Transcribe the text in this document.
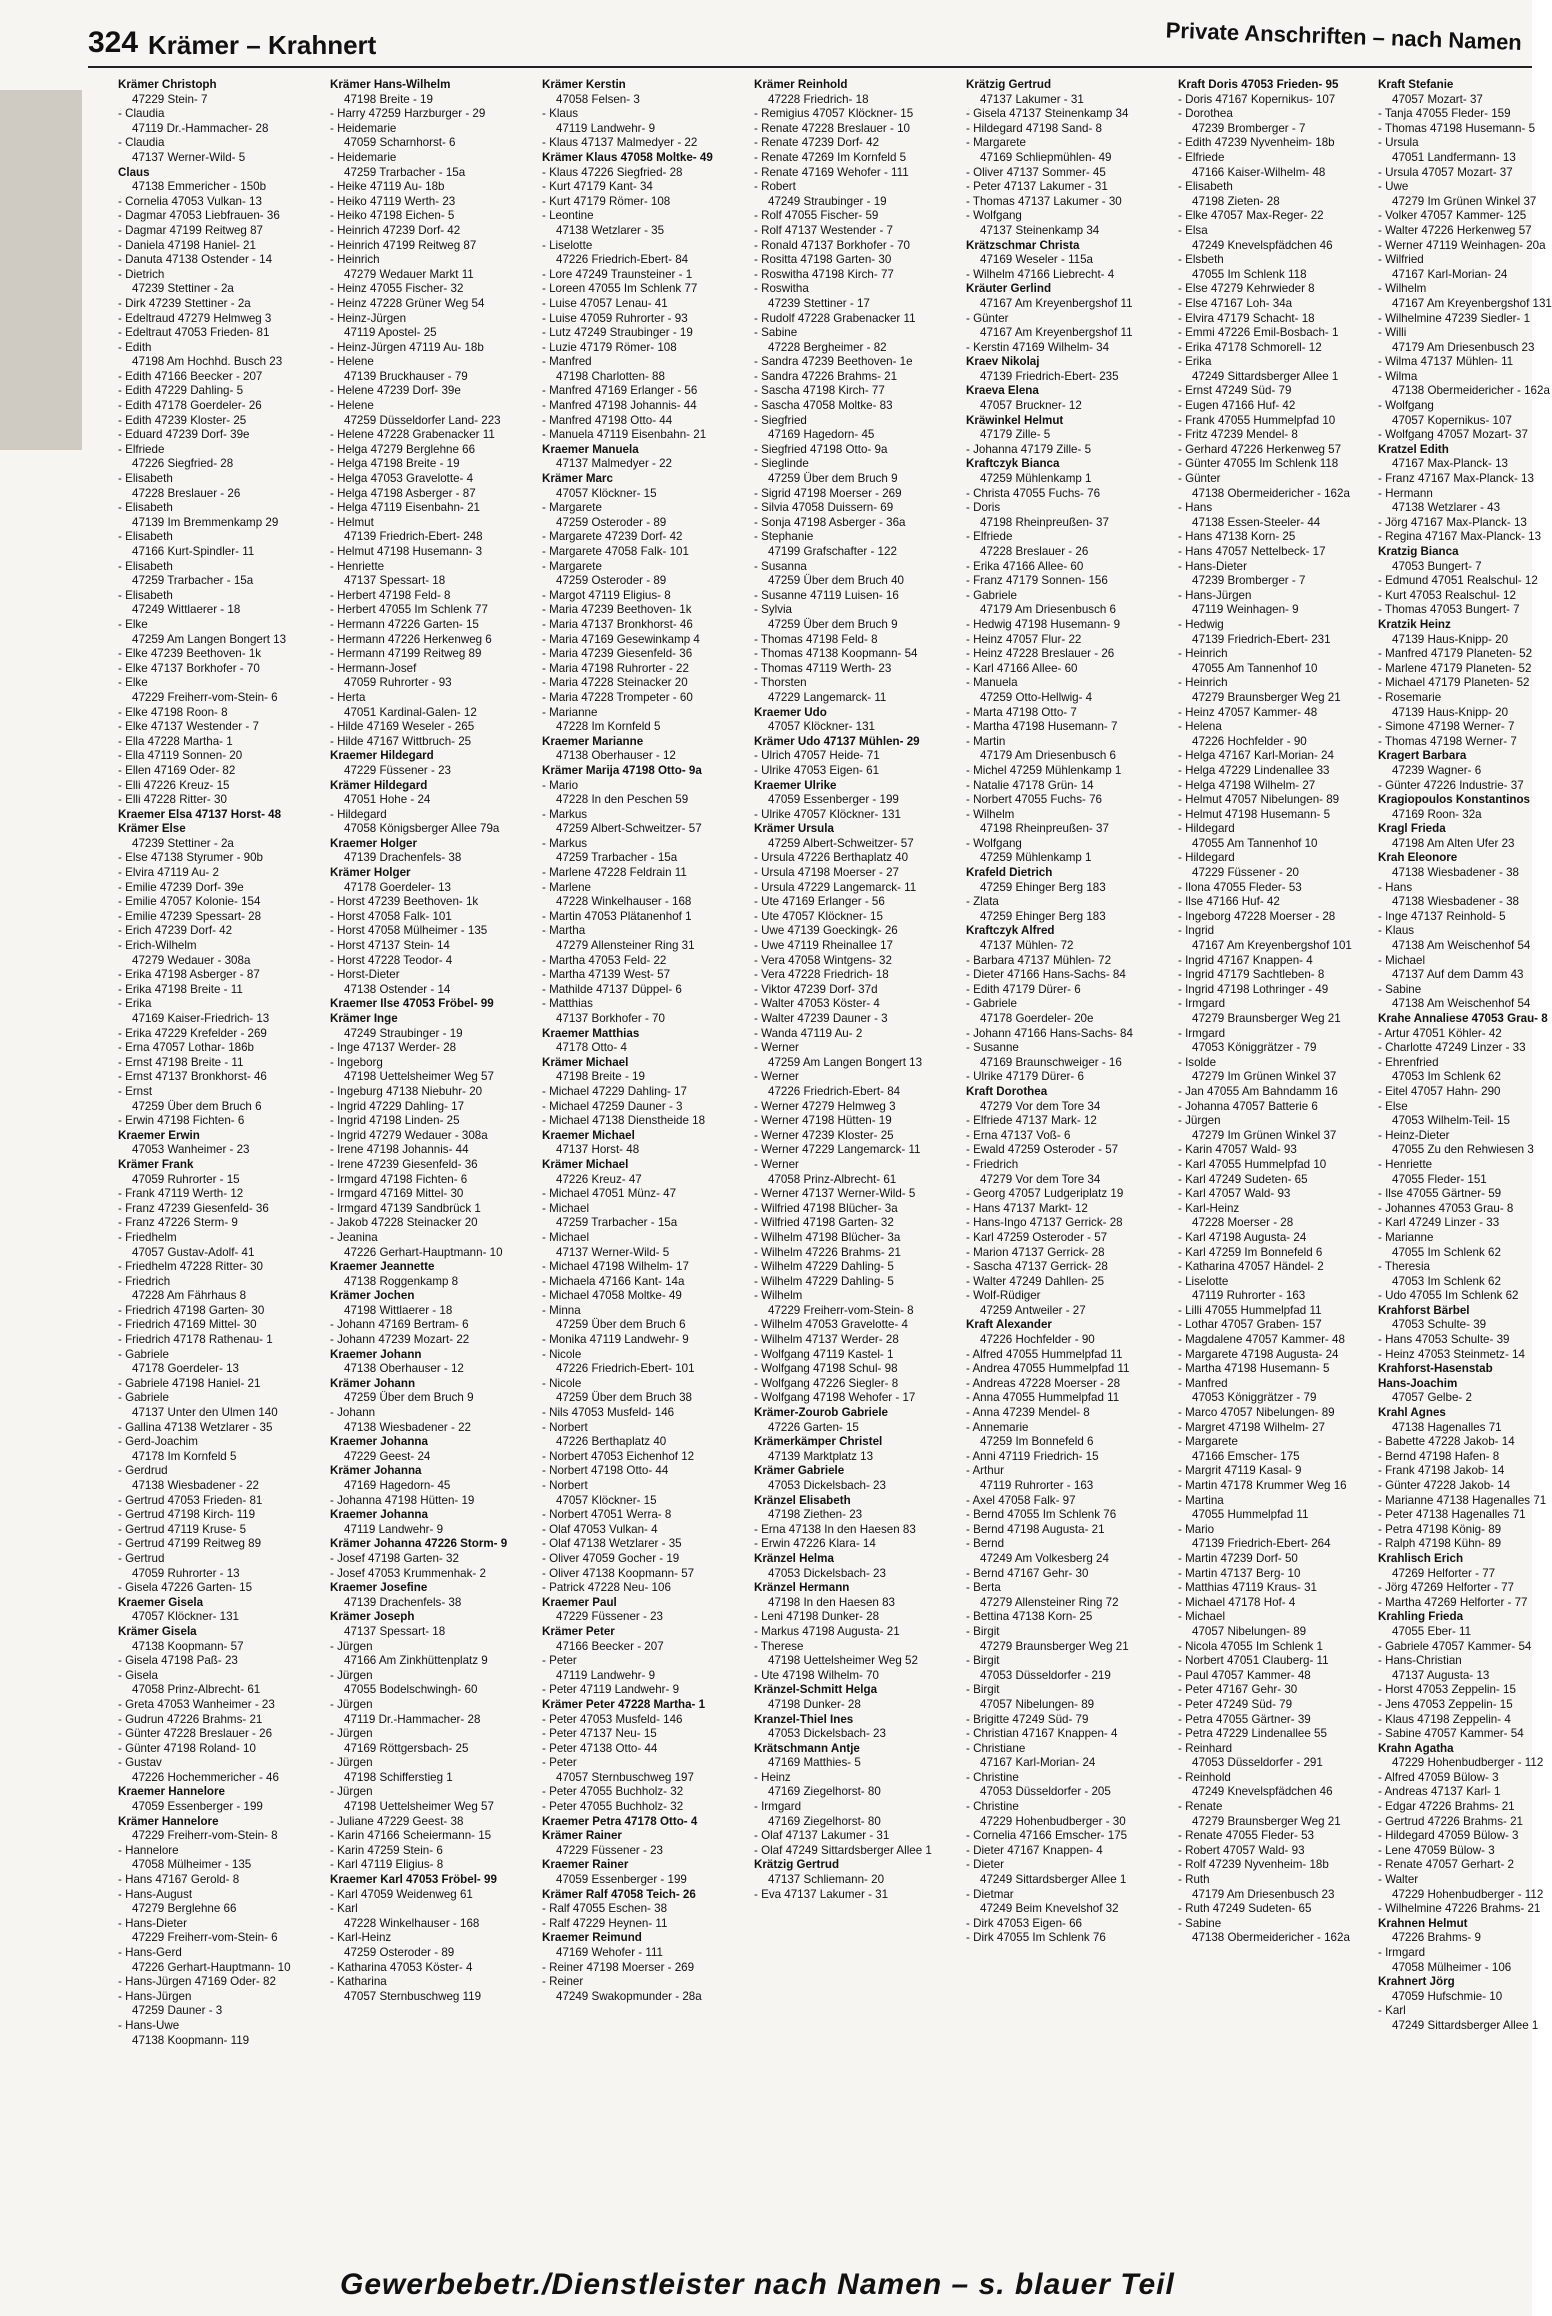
324 Krämer – Krahnert	Private Anschriften – nach Namen
Krämer Christoph
47229 Stein- 7
- Claudia
47119 Dr.-Hammacher- 28
- Claudia
47137 Werner-Wild- 5
Claus
47138 Emmericher - 150b
- Cornelia 47053 Vulkan- 13
- Dagmar 47053 Liebfrauen- 36
- Dagmar 47199 Reitweg 87
- Daniela 47198 Haniel- 21
- Danuta 47138 Ostender - 14
- Dietrich
47239 Stettiner - 2a
- Dirk 47239 Stettiner - 2a
- Edeltraud 47279 Helmweg 3
- Edeltraut 47053 Frieden- 81
- Edith
47198 Am Hochhd. Busch 23
- Edith 47166 Beecker - 207
- Edith 47229 Dahling- 5
- Edith 47178 Goerdeler- 26
- Edith 47239 Kloster- 25
- Eduard 47239 Dorf- 39e
- Elfriede
47226 Siegfried- 28
- Elisabeth
47228 Breslauer - 26
- Elisabeth
47139 Im Bremmenkamp 29
- Elisabeth
47166 Kurt-Spindler- 11
- Elisabeth
47259 Trarbacher - 15a
- Elisabeth
47249 Wittlaerer - 18
- Elke
47259 Am Langen Bongert 13
- Elke 47239 Beethoven- 1k
- Elke 47137 Borkhofer - 70
- Elke
47229 Freiherr-vom-Stein- 6
- Elke 47198 Roon- 8
- Elke 47137 Westender - 7
- Ella 47228 Martha- 1
- Ella 47119 Sonnen- 20
- Ellen 47169 Oder- 82
- Elli 47226 Kreuz- 15
- Elli 47228 Ritter- 30
Kraemer Elsa 47137 Horst- 48
Krämer Else
47239 Stettiner - 2a
- Else 47138 Styrumer - 90b
- Elvira 47119 Au- 2
- Emilie 47239 Dorf- 39e
- Emilie 47057 Kolonie- 154
- Emilie 47239 Spessart- 28
- Erich 47239 Dorf- 42
- Erich-Wilhelm
47279 Wedauer - 308a
- Erika 47198 Asberger - 87
- Erika 47198 Breite - 11
- Erika
47169 Kaiser-Friedrich- 13
- Erika 47229 Krefelder - 269
- Erna 47057 Lothar- 186b
- Ernst 47198 Breite - 11
- Ernst 47137 Bronkhorst- 46
- Ernst
47259 Über dem Bruch 6
- Erwin 47198 Fichten- 6
Kraemer Erwin
47053 Wanheimer - 23
Krämer Frank
47059 Ruhrorter - 15
- Frank 47119 Werth- 12
- Franz 47239 Giesenfeld- 36
- Franz 47226 Sterm- 9
- Friedhelm
47057 Gustav-Adolf- 41
- Friedhelm 47228 Ritter- 30
- Friedrich
47228 Am Fährhaus 8
- Friedrich 47198 Garten- 30
- Friedrich 47169 Mittel- 30
- Friedrich 47178 Rathenau- 1
- Gabriele
47178 Goerdeler- 13
- Gabriele 47198 Haniel- 21
- Gabriele
47137 Unter den Ulmen 140
- Gallina 47138 Wetzlarer - 35
- Gerd-Joachim
47178 Im Kornfeld 5
- Gerdrud
47138 Wiesbadener - 22
- Gertrud 47053 Frieden- 81
- Gertrud 47198 Kirch- 119
- Gertrud 47119 Kruse- 5
- Gertrud 47199 Reitweg 89
- Gertrud
47059 Ruhrorter - 13
- Gisela 47226 Garten- 15
Kraemer Gisela
47057 Klöckner- 131
Krämer Gisela
47138 Koopmann- 57
- Gisela 47198 Paß- 23
- Gisela
47058 Prinz-Albrecht- 61
- Greta 47053 Wanheimer - 23
- Gudrun 47226 Brahms- 21
- Günter 47228 Breslauer - 26
- Günter 47198 Roland- 10
- Gustav
47226 Hochemmericher - 46
Kraemer Hannelore
47059 Essenberger - 199
Krämer Hannelore
47229 Freiherr-vom-Stein- 8
- Hannelore
47058 Mülheimer - 135
- Hans 47167 Gerold- 8
- Hans-August
47279 Berglehne 66
- Hans-Dieter
47229 Freiherr-vom-Stein- 6
- Hans-Gerd
47226 Gerhart-Hauptmann- 10
- Hans-Jürgen 47169 Oder- 82
- Hans-Jürgen
47259 Dauner - 3
- Hans-Uwe
47138 Koopmann- 119
Krämer Hans-Wilhelm
47198 Breite - 19
- Harry 47259 Harzburger - 29
- Heidemarie
47059 Scharnhorst- 6
- Heidemarie
47259 Trarbacher - 15a
- Heike 47119 Au- 18b
- Heiko 47119 Werth- 23
- Heiko 47198 Eichen- 5
- Heinrich 47239 Dorf- 42
- Heinrich 47199 Reitweg 87
- Heinrich
47279 Wedauer Markt 11
- Heinz 47055 Fischer- 32
- Heinz 47228 Grüner Weg 54
- Heinz-Jürgen
47119 Apostel- 25
- Heinz-Jürgen 47119 Au- 18b
- Helene
47139 Bruckhauser - 79
- Helene 47239 Dorf- 39e
- Helene
47259 Düsseldorfer Land- 223
- Helene 47228 Grabenacker 11
- Helga 47279 Berglehne 66
- Helga 47198 Breite - 19
- Helga 47053 Gravelotte- 4
- Helga 47198 Asberger - 87
- Helga 47119 Eisenbahn- 21
- Helmut
47139 Friedrich-Ebert- 248
- Helmut 47198 Husemann- 3
- Henriette
47137 Spessart- 18
- Herbert 47198 Feld- 8
- Herbert 47055 Im Schlenk 77
- Hermann 47226 Garten- 15
- Hermann 47226 Herkenweg 6
- Hermann 47199 Reitweg 89
- Hermann-Josef
47059 Ruhrorter - 93
- Herta
47051 Kardinal-Galen- 12
- Hilde 47169 Weseler - 265
- Hilde 47167 Wittbruch- 25
Kraemer Hildegard
47229 Füssener - 23
Krämer Hildegard
47051 Hohe - 24
- Hildegard
47058 Königsberger Allee 79a
Kraemer Holger
47139 Drachenfels- 38
Krämer Holger
47178 Goerdeler- 13
- Horst 47239 Beethoven- 1k
- Horst 47058 Falk- 101
- Horst 47058 Mülheimer - 135
- Horst 47137 Stein- 14
- Horst 47228 Teodor- 4
- Horst-Dieter
47138 Ostender - 14
Kraemer Ilse 47053 Fröbel- 99
Krämer Inge
47249 Straubinger - 19
- Inge 47137 Werder- 28
- Ingeborg
47198 Uettelsheimer Weg 57
- Ingeburg 47138 Niebuhr- 20
- Ingrid 47229 Dahling- 17
- Ingrid 47198 Linden- 25
- Ingrid 47279 Wedauer - 308a
- Irene 47198 Johannis- 44
- Irene 47239 Giesenfeld- 36
- Irmgard 47198 Fichten- 6
- Irmgard 47169 Mittel- 30
- Irmgard 47139 Sandbrück 1
- Jakob 47228 Steinacker 20
- Jeanina
47226 Gerhart-Hauptmann- 10
Kraemer Jeannette
47138 Roggenkamp 8
Krämer Jochen
47198 Wittlaerer - 18
- Johann 47169 Bertram- 6
- Johann 47239 Mozart- 22
Kraemer Johann
47138 Oberhauser - 12
Krämer Johann
47259 Über dem Bruch 9
- Johann
47138 Wiesbadener - 22
Kraemer Johanna
47229 Geest- 24
Krämer Johanna
47169 Hagedorn- 45
- Johanna 47198 Hütten- 19
Kraemer Johanna
47119 Landwehr- 9
Krämer Johanna 47226 Storm- 9
- Josef 47198 Garten- 32
- Josef 47053 Krummenhak- 2
Kraemer Josefine
47139 Drachenfels- 38
Krämer Joseph
47137 Spessart- 18
- Jürgen
47166 Am Zinkhüttenplatz 9
- Jürgen
47055 Bodelschwingh- 60
- Jürgen
47119 Dr.-Hammacher- 28
- Jürgen
47169 Röttgersbach- 25
- Jürgen
47198 Schifferstieg 1
- Jürgen
47198 Uettelsheimer Weg 57
- Juliane 47229 Geest- 38
- Karin 47166 Scheiermann- 15
- Karin 47259 Stein- 6
- Karl 47119 Eligius- 8
Kraemer Karl 47053 Fröbel- 99
- Karl 47059 Weidenweg 61
- Karl
47228 Winkelhauser - 168
- Karl-Heinz
47259 Osteroder - 89
- Katharina 47053 Köster- 4
- Katharina
47057 Sternbuschweg 119
Krämer Kerstin
47058 Felsen- 3
- Klaus
47119 Landwehr- 9
- Klaus 47137 Malmedyer - 22
Krämer Klaus 47058 Moltke- 49
- Klaus 47226 Siegfried- 28
- Kurt 47179 Kant- 34
- Kurt 47179 Römer- 108
- Leontine
47138 Wetzlarer - 35
- Liselotte
47226 Friedrich-Ebert- 84
- Lore 47249 Traunsteiner - 1
- Loreen 47055 Im Schlenk 77
- Luise 47057 Lenau- 41
- Luise 47059 Ruhrorter - 93
- Lutz 47249 Straubinger - 19
- Luzie 47179 Römer- 108
- Manfred
47198 Charlotten- 88
- Manfred 47169 Erlanger - 56
- Manfred 47198 Johannis- 44
- Manfred 47198 Otto- 44
- Manuela 47119 Eisenbahn- 21
Kraemer Manuela
47137 Malmedyer - 22
Krämer Marc
47057 Klöckner- 15
- Margarete
47259 Osteroder - 89
- Margarete 47239 Dorf- 42
- Margarete 47058 Falk- 101
- Margarete
47259 Osteroder - 89
- Margot 47119 Eligius- 8
- Maria 47239 Beethoven- 1k
- Maria 47137 Bronkhorst- 46
- Maria 47169 Gesewinkamp 4
- Maria 47239 Giesenfeld- 36
- Maria 47198 Ruhrorter - 22
- Maria 47228 Steinacker 20
- Maria 47228 Trompeter - 60
- Marianne
47228 Im Kornfeld 5
Kraemer Marianne
47138 Oberhauser - 12
Krämer Marija 47198 Otto- 9a
- Mario
47228 In den Peschen 59
- Markus
47259 Albert-Schweitzer- 57
- Markus
47259 Trarbacher - 15a
- Marlene 47228 Feldrain 11
- Marlene
47228 Winkelhauser - 168
- Martin 47053 Plätanenhof 1
- Martha
47279 Allensteiner Ring 31
- Martha 47053 Feld- 22
- Martha 47139 West- 57
- Mathilde 47137 Düppel- 6
- Matthias
47137 Borkhofer - 70
Kraemer Matthias
47178 Otto- 4
Krämer Michael
47198 Breite - 19
- Michael 47229 Dahling- 17
- Michael 47259 Dauner - 3
- Michael 47138 Dienstheide 18
Kraemer Michael
47137 Horst- 48
Krämer Michael
47226 Kreuz- 47
- Michael 47051 Münz- 47
- Michael
47259 Trarbacher - 15a
- Michael
47137 Werner-Wild- 5
- Michael 47198 Wilhelm- 17
- Michaela 47166 Kant- 14a
- Michael 47058 Moltke- 49
- Minna
47259 Über dem Bruch 6
- Monika 47119 Landwehr- 9
- Nicole
47226 Friedrich-Ebert- 101
- Nicole
47259 Über dem Bruch 38
- Nils 47053 Musfeld- 146
- Norbert
47226 Berthaplatz 40
- Norbert 47053 Eichenhof 12
- Norbert 47198 Otto- 44
- Norbert
47057 Klöckner- 15
- Norbert 47051 Werra- 8
- Olaf 47053 Vulkan- 4
- Olaf 47138 Wetzlarer - 35
- Oliver 47059 Gocher - 19
- Oliver 47138 Koopmann- 57
- Patrick 47228 Neu- 106
Kraemer Paul
47229 Füssener - 23
Krämer Peter
47166 Beecker - 207
- Peter
47119 Landwehr- 9
- Peter 47119 Landwehr- 9
Krämer Peter 47228 Martha- 1
- Peter 47053 Musfeld- 146
- Peter 47137 Neu- 15
- Peter 47138 Otto- 44
- Peter
47057 Sternbuschweg 197
- Peter 47055 Buchholz- 32
- Peter 47055 Buchholz- 32
Kraemer Petra 47178 Otto- 4
Krämer Rainer
47229 Füssener - 23
Kraemer Rainer
47059 Essenberger - 199
Krämer Ralf 47058 Teich- 26
- Ralf 47055 Eschen- 38
- Ralf 47229 Heynen- 11
Kraemer Reimund
47169 Wehofer - 111
- Reiner 47198 Moerser - 269
- Reiner
47249 Swakopmunder - 28a
Krämer Reinhold
47228 Friedrich- 18
- Remigius 47057 Klöckner- 15
- Renate 47228 Breslauer - 10
- Renate 47239 Dorf- 42
- Renate 47269 Im Kornfeld 5
- Renate 47169 Wehofer - 111
- Robert
47249 Straubinger - 19
- Rolf 47055 Fischer- 59
- Rolf 47137 Westender - 7
- Ronald 47137 Borkhofer - 70
- Rositta 47198 Garten- 30
- Roswitha 47198 Kirch- 77
- Roswitha
47239 Stettiner - 17
- Rudolf 47228 Grabenacker 11
- Sabine
47228 Bergheimer - 82
- Sandra 47239 Beethoven- 1e
- Sandra 47226 Brahms- 21
- Sascha 47198 Kirch- 77
- Sascha 47058 Moltke- 83
- Siegfried
47169 Hagedorn- 45
- Siegfried 47198 Otto- 9a
- Sieglinde
47259 Über dem Bruch 9
- Sigrid 47198 Moerser - 269
- Silvia 47058 Duissern- 69
- Sonja 47198 Asberger - 36a
- Stephanie
47199 Grafschafter - 122
- Susanna
47259 Über dem Bruch 40
- Susanne 47119 Luisen- 16
- Sylvia
47259 Über dem Bruch 9
- Thomas 47198 Feld- 8
- Thomas 47138 Koopmann- 54
- Thomas 47119 Werth- 23
- Thorsten
47229 Langemarck- 11
Kraemer Udo
47057 Klöckner- 131
Krämer Udo 47137 Mühlen- 29
- Ulrich 47057 Heide- 71
- Ulrike 47053 Eigen- 61
Kraemer Ulrike
47059 Essenberger - 199
- Ulrike 47057 Klöckner- 131
Krämer Ursula
47259 Albert-Schweitzer- 57
- Ursula 47226 Berthaplatz 40
- Ursula 47198 Moerser - 27
- Ursula 47229 Langemarck- 11
- Ute 47169 Erlanger - 56
- Ute 47057 Klöckner- 15
- Uwe 47139 Goeckingk- 26
- Uwe 47119 Rheinallee 17
- Vera 47058 Wintgens- 32
- Vera 47228 Friedrich- 18
- Viktor 47239 Dorf- 37d
- Walter 47053 Köster- 4
- Walter 47239 Dauner - 3
- Wanda 47119 Au- 2
- Werner
47259 Am Langen Bongert 13
- Werner
47226 Friedrich-Ebert- 84
- Werner 47279 Helmweg 3
- Werner 47198 Hütten- 19
- Werner 47239 Kloster- 25
- Werner 47229 Langemarck- 11
- Werner
47058 Prinz-Albrecht- 61
- Werner 47137 Werner-Wild- 5
- Wilfried 47198 Blücher- 3a
- Wilfried 47198 Garten- 32
- Wilhelm 47198 Blücher- 3a
- Wilhelm 47226 Brahms- 21
- Wilhelm 47229 Dahling- 5
- Wilhelm 47229 Dahling- 5
- Wilhelm
47229 Freiherr-vom-Stein- 8
- Wilhelm 47053 Gravelotte- 4
- Wilhelm 47137 Werder- 28
- Wolfgang 47119 Kastel- 1
- Wolfgang 47198 Schul- 98
- Wolfgang 47226 Siegler- 8
- Wolfgang 47198 Wehofer - 17
Krämer-Zourob Gabriele
47226 Garten- 15
Krämerkämper Christel
47139 Marktplatz 13
Krämer Gabriele
47053 Dickelsbach- 23
Kränzel Elisabeth
47198 Ziethen- 23
- Erna 47138 In den Haesen 83
- Erwin 47226 Klara- 14
Kränzel Helma
47053 Dickelsbach- 23
Kränzel Hermann
47198 In den Haesen 83
- Leni 47198 Dunker- 28
- Markus 47198 Augusta- 21
- Therese
47198 Uettelsheimer Weg 52
- Ute 47198 Wilhelm- 70
Kränzel-Schmitt Helga
47198 Dunker- 28
Kranzel-Thiel Ines
47053 Dickelsbach- 23
Krätschmann Antje
47169 Matthies- 5
- Heinz
47169 Ziegelhorst- 80
- Irmgard
47169 Ziegelhorst- 80
- Olaf 47137 Lakumer - 31
- Olaf 47249 Sittardsberger Allee 1
Krätzig Gertrud
47137 Schliemann- 20
- Eva 47137 Lakumer - 31
Krätzig Gertrud
47137 Lakumer - 31
- Gisela 47137 Steinenkamp 34
- Hildegard 47198 Sand- 8
- Margarete
47169 Schliepmühlen- 49
- Oliver 47137 Sommer- 45
- Peter 47137 Lakumer - 31
- Thomas 47137 Lakumer - 30
- Wolfgang
47137 Steinenkamp 34
Krätzschmar Christa
47169 Weseler - 115a
- Wilhelm 47166 Liebrecht- 4
Kräuter Gerlind
47167 Am Kreyenbergshof 11
- Günter
47167 Am Kreyenbergshof 11
- Kerstin 47169 Wilhelm- 34
Kraev Nikolaj
47139 Friedrich-Ebert- 235
Kraeva Elena
47057 Bruckner- 12
Kräwinkel Helmut
47179 Zille- 5
- Johanna 47179 Zille- 5
Kraftczyk Bianca
47259 Mühlenkamp 1
- Christa 47055 Fuchs- 76
- Doris
47198 Rheinpreußen- 37
- Elfriede
47228 Breslauer - 26
- Erika 47166 Allee- 60
- Franz 47179 Sonnen- 156
- Gabriele
47179 Am Driesenbusch 6
- Hedwig 47198 Husemann- 9
- Heinz 47057 Flur- 22
- Heinz 47228 Breslauer - 26
- Karl 47166 Allee- 60
- Manuela
47259 Otto-Hellwig- 4
- Marta 47198 Otto- 7
- Martha 47198 Husemann- 7
- Martin
47179 Am Driesenbusch 6
- Michel 47259 Mühlenkamp 1
- Natalie 47178 Grün- 14
- Norbert 47055 Fuchs- 76
- Wilhelm
47198 Rheinpreußen- 37
- Wolfgang
47259 Mühlenkamp 1
Krafeld Dietrich
47259 Ehinger Berg 183
- Zlata
47259 Ehinger Berg 183
Kraftczyk Alfred
47137 Mühlen- 72
- Barbara 47137 Mühlen- 72
- Dieter 47166 Hans-Sachs- 84
- Edith 47179 Dürer- 6
- Gabriele
47178 Goerdeler- 20e
- Johann 47166 Hans-Sachs- 84
- Susanne
47169 Braunschweiger - 16
- Ulrike 47179 Dürer- 6
Kraft Dorothea
47279 Vor dem Tore 34
- Elfriede 47137 Mark- 12
- Erna 47137 Voß- 6
- Ewald 47259 Osteroder - 57
- Friedrich
47279 Vor dem Tore 34
- Georg 47057 Ludgeriplatz 19
- Hans 47137 Markt- 12
- Hans-Ingo 47137 Gerrick- 28
- Karl 47259 Osteroder - 57
- Marion 47137 Gerrick- 28
- Sascha 47137 Gerrick- 28
- Walter 47249 Dahllen- 25
- Wolf-Rüdiger
47259 Antweiler - 27
Kraft Alexander
47226 Hochfelder - 90
- Alfred 47055 Hummelpfad 11
- Andrea 47055 Hummelpfad 11
- Andreas 47228 Moerser - 28
- Anna 47055 Hummelpfad 11
- Anna 47239 Mendel- 8
- Annemarie
47259 Im Bonnefeld 6
- Anni 47119 Friedrich- 15
- Arthur
47119 Ruhrorter - 163
- Axel 47058 Falk- 97
- Bernd 47055 Im Schlenk 76
- Bernd 47198 Augusta- 21
- Bernd
47249 Am Volkesberg 24
- Bernd 47167 Gehr- 30
- Berta
47279 Allensteiner Ring 72
- Bettina 47138 Korn- 25
- Birgit
47279 Braunsberger Weg 21
- Birgit
47053 Düsseldorfer - 219
- Birgit
47057 Nibelungen- 89
- Brigitte 47249 Süd- 79
- Christian 47167 Knappen- 4
- Christiane
47167 Karl-Morian- 24
- Christine
47053 Düsseldorfer - 205
- Christine
47229 Hohenbudberger - 30
- Cornelia 47166 Emscher- 175
- Dieter 47167 Knappen- 4
- Dieter
47249 Sittardsberger Allee 1
- Dietmar
47249 Beim Knevelshof 32
- Dirk 47053 Eigen- 66
- Dirk 47055 Im Schlenk 76
Kraft Doris 47053 Frieden- 95
- Doris 47167 Kopernikus- 107
- Dorothea
47239 Bromberger - 7
- Edith 47239 Nyvenheim- 18b
- Elfriede
47166 Kaiser-Wilhelm- 48
- Elisabeth
47198 Zieten- 28
- Elke 47057 Max-Reger- 22
- Elsa
47249 Knevelspfädchen 46
- Elsbeth
47055 Im Schlenk 118
- Else 47279 Kehrwieder 8
- Else 47167 Loh- 34a
- Elvira 47179 Schacht- 18
- Emmi 47226 Emil-Bosbach- 1
- Erika 47178 Schmorell- 12
- Erika
47249 Sittardsberger Allee 1
- Ernst 47249 Süd- 79
- Eugen 47166 Huf- 42
- Frank 47055 Hummelpfad 10
- Fritz 47239 Mendel- 8
- Gerhard 47226 Herkenweg 57
- Günter 47055 Im Schlenk 118
- Günter
47138 Obermeidericher - 162a
- Hans
47138 Essen-Steeler- 44
- Hans 47138 Korn- 25
- Hans 47057 Nettelbeck- 17
- Hans-Dieter
47239 Bromberger - 7
- Hans-Jürgen
47119 Weinhagen- 9
- Hedwig
47139 Friedrich-Ebert- 231
- Heinrich
47055 Am Tannenhof 10
- Heinrich
47279 Braunsberger Weg 21
- Heinz 47057 Kammer- 48
- Helena
47226 Hochfelder - 90
- Helga 47167 Karl-Morian- 24
- Helga 47229 Lindenallee 33
- Helga 47198 Wilhelm- 27
- Helmut 47057 Nibelungen- 89
- Helmut 47198 Husemann- 5
- Hildegard
47055 Am Tannenhof 10
- Hildegard
47229 Füssener - 20
- Ilona 47055 Fleder- 53
- Ilse 47166 Huf- 42
- Ingeborg 47228 Moerser - 28
- Ingrid
47167 Am Kreyenbergshof 101
- Ingrid 47167 Knappen- 4
- Ingrid 47179 Sachtleben- 8
- Ingrid 47198 Lothringer - 49
- Irmgard
47279 Braunsberger Weg 21
- Irmgard
47053 Königgrätzer - 79
- Isolde
47279 Im Grünen Winkel 37
- Jan 47055 Am Bahndamm 16
- Johanna 47057 Batterie 6
- Jürgen
47279 Im Grünen Winkel 37
- Karin 47057 Wald- 93
- Karl 47055 Hummelpfad 10
- Karl 47249 Sudeten- 65
- Karl 47057 Wald- 93
- Karl-Heinz
47228 Moerser - 28
- Karl 47198 Augusta- 24
- Karl 47259 Im Bonnefeld 6
- Katharina 47057 Händel- 2
- Liselotte
47119 Ruhrorter - 163
- Lilli 47055 Hummelpfad 11
- Lothar 47057 Graben- 157
- Magdalene 47057 Kammer- 48
- Margarete 47198 Augusta- 24
- Martha 47198 Husemann- 5
- Manfred
47053 Königgrätzer - 79
- Marco 47057 Nibelungen- 89
- Margret 47198 Wilhelm- 27
- Margarete
47166 Emscher- 175
- Margrit 47119 Kasal- 9
- Martin 47178 Krummer Weg 16
- Martina
47055 Hummelpfad 11
- Mario
47139 Friedrich-Ebert- 264
- Martin 47239 Dorf- 50
- Martin 47137 Berg- 10
- Matthias 47119 Kraus- 31
- Michael 47178 Hof- 4
- Michael
47057 Nibelungen- 89
- Nicola 47055 Im Schlenk 1
- Norbert 47051 Clauberg- 11
- Paul 47057 Kammer- 48
- Peter 47167 Gehr- 30
- Peter 47249 Süd- 79
- Petra 47055 Gärtner- 39
- Petra 47229 Lindenallee 55
- Reinhard
47053 Düsseldorfer - 291
- Reinhold
47249 Knevelspfädchen 46
- Renate
47279 Braunsberger Weg 21
- Renate 47055 Fleder- 53
- Robert 47057 Wald- 93
- Rolf 47239 Nyvenheim- 18b
- Ruth
47179 Am Driesenbusch 23
- Ruth 47249 Sudeten- 65
- Sabine
47138 Obermeidericher - 162a
Kraft Stefanie
47057 Mozart- 37
- Tanja 47055 Fleder- 159
- Thomas 47198 Husemann- 5
- Ursula
47051 Landfermann- 13
- Ursula 47057 Mozart- 37
- Uwe
47279 Im Grünen Winkel 37
- Volker 47057 Kammer- 125
- Walter 47226 Herkenweg 57
- Werner 47119 Weinhagen- 20a
- Wilfried
47167 Karl-Morian- 24
- Wilhelm
47167 Am Kreyenbergshof 131
- Wilhelmine 47239 Siedler- 1
- Willi
47179 Am Driesenbusch 23
- Wilma 47137 Mühlen- 11
- Wilma
47138 Obermeidericher - 162a
- Wolfgang
47057 Kopernikus- 107
- Wolfgang 47057 Mozart- 37
Kratzel Edith
47167 Max-Planck- 13
- Franz 47167 Max-Planck- 13
- Hermann
47138 Wetzlarer - 43
- Jörg 47167 Max-Planck- 13
- Regina 47167 Max-Planck- 13
Kratzig Bianca
47053 Bungert- 7
- Edmund 47051 Realschul- 12
- Kurt 47053 Realschul- 12
- Thomas 47053 Bungert- 7
Kratzik Heinz
47139 Haus-Knipp- 20
- Manfred 47179 Planeten- 52
- Marlene 47179 Planeten- 52
- Michael 47179 Planeten- 52
- Rosemarie
47139 Haus-Knipp- 20
- Simone 47198 Werner- 7
- Thomas 47198 Werner- 7
Kragert Barbara
47239 Wagner- 6
- Günter 47226 Industrie- 37
Kragiopoulos Konstantinos
47169 Roon- 32a
Kragl Frieda
47198 Am Alten Ufer 23
Krah Eleonore
47138 Wiesbadener - 38
- Hans
47138 Wiesbadener - 38
- Inge 47137 Reinhold- 5
- Klaus
47138 Am Weischenhof 54
- Michael
47137 Auf dem Damm 43
- Sabine
47138 Am Weischenhof 54
Krahe Annaliese 47053 Grau- 8
- Artur 47051 Köhler- 42
- Charlotte 47249 Linzer - 33
- Ehrenfried
47053 Im Schlenk 62
- Eitel 47057 Hahn- 290
- Else
47053 Wilhelm-Teil- 15
- Heinz-Dieter
47055 Zu den Rehwiesen 3
- Henriette
47055 Fleder- 151
- Ilse 47055 Gärtner- 59
- Johannes 47053 Grau- 8
- Karl 47249 Linzer - 33
- Marianne
47055 Im Schlenk 62
- Theresia
47053 Im Schlenk 62
- Udo 47055 Im Schlenk 62
Krahforst Bärbel
47053 Schulte- 39
- Hans 47053 Schulte- 39
- Heinz 47053 Steinmetz- 14
Krahforst-Hasenstab
Hans-Joachim
47057 Gelbe- 2
Krahl Agnes
47138 Hagenalles 71
- Babette 47228 Jakob- 14
- Bernd 47198 Hafen- 8
- Frank 47198 Jakob- 14
- Günter 47228 Jakob- 14
- Marianne 47138 Hagenalles 71
- Peter 47138 Hagenalles 71
- Petra 47198 König- 89
- Ralph 47198 Kühn- 89
Krahlisch Erich
47269 Helforter - 77
- Jörg 47269 Helforter - 77
- Martha 47269 Helforter - 77
Krahling Frieda
47055 Eber- 11
- Gabriele 47057 Kammer- 54
- Hans-Christian
47137 Augusta- 13
- Horst 47053 Zeppelin- 15
- Jens 47053 Zeppelin- 15
- Klaus 47198 Zeppelin- 4
- Sabine 47057 Kammer- 54
Krahn Agatha
47229 Hohenbudberger - 112
- Alfred 47059 Bülow- 3
- Andreas 47137 Karl- 1
- Edgar 47226 Brahms- 21
- Gertrud 47226 Brahms- 21
- Hildegard 47059 Bülow- 3
- Lene 47059 Bülow- 3
- Renate 47057 Gerhart- 2
- Walter
47229 Hohenbudberger - 112
- Wilhelmine 47226 Brahms- 21
Krahnen Helmut
47226 Brahms- 9
- Irmgard
47058 Mülheimer - 106
Krahnert Jörg
47059 Hufschmie- 10
- Karl
47249 Sittardsberger Allee 1
Gewerbebetr./Dienstleister nach Namen – s. blauer Teil
